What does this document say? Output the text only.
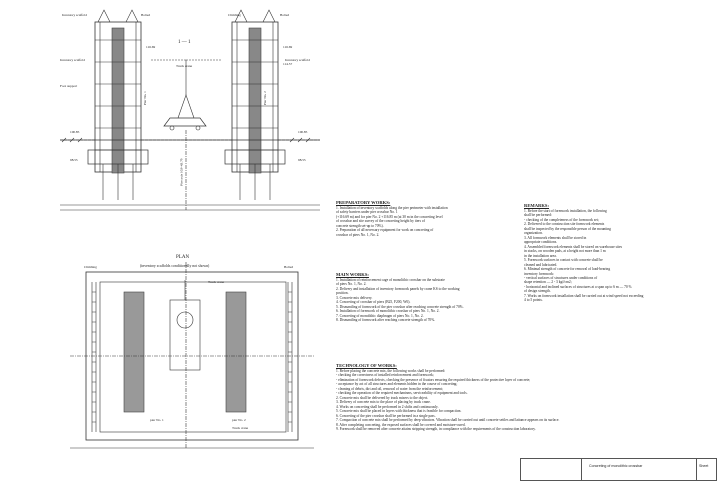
1 — 1
Inventory scaffold	Bolted	Climbing	Bolted
116.69	116.69
114.57
Truck crane
Inventory scaffold
Foot support
Inventory scaffold
Pier No. 1	Pier No. 2
Pier axis 103+43.79
100.85	100.85
98.55	98.55
PLAN
(inventory scaffolds conditionally not shown)
Climbing	Bolted
Truck crane
pier No. 1	pier No. 2
Truck crane
PREPARATORY WORKS:
1. Installation of inventory scaffolds along the pier perimeter with installation
of safety barriers under pier crossbar No. 1
(+116.69 m) and for pier No. 2 +116.85 m (at 30 m in the concreting level
of crossbar and site survey of the concreting height by tiers of
concrete strength set-up to 70%).
2. Preparation of all necessary equipment for work on concreting of
crossbar of piers No. 1, No. 2.
MAIN WORKS:
1. Installation of reinforcement cage of monolithic crossbar on the substrate
of piers No. 1, No. 2.
2. Delivery and installation of inventory formwork panels by crane KS to the working
position.
3. Concrete mix delivery.
4. Concreting of crossbar of piers (B25, F200, W6).
5. Dismantling of formwork of the pier crossbar after reaching concrete strength of 70%.
6. Installation of formwork of monolithic crossbar of piers No. 1, No. 2.
7. Concreting of monolithic diaphragm of piers No. 1, No. 2.
8. Dismantling of formwork after reaching concrete strength of 70%.
TECHNOLOGY OF WORKS:
1. Before placing the concrete mix, the following works shall be performed:
- checking the correctness of installed reinforcement and formwork;
- elimination of formwork defects, checking the presence of fixators ensuring the required thickness of the protective layer of concrete;
- acceptance by act of all structures and elements hidden in the course of concreting;
- cleaning of debris, dirt and oil, removal of water from the reinforcement;
- checking the operation of the required mechanisms, serviceability of equipment and tools.
2. Concrete mix shall be delivered by truck mixers to the object.
3. Delivery of concrete mix to the place of placing by truck crane.
4. Works on concreting shall be performed in 2 shifts and continuously.
5. Concrete mix shall be placed in layers with thickness that is feasible for compaction.
6. Concreting of the pier crossbar shall be performed in a single pass.
7. Compaction of concrete mix shall be performed by deep vibrators. Vibration shall be carried out until concrete settles and laitance appears on its surface.
8. After completing concreting, the exposed surfaces shall be covered and moisture-cured.
9. Formwork shall be removed after concrete attains stripping strength, in compliance with the requirements of the construction laboratory.
REMARKS:
1. Before the start of formwork installation, the following
shall be performed:
- checking of the completeness of the formwork set;
2. Delivered to the construction site formwork elements
shall be inspected by the responsible person of the mounting
organization.
3. All formwork elements shall be stored in
appropriate conditions.
4. Assembled formwork elements shall be stored on warehouse sites
in stacks, on wooden pads, at a height not more than 1 m
in the installation area.
5. Formwork surfaces in contact with concrete shall be
cleaned and lubricated.
6. Minimal strength of concrete for removal of load-bearing
inventory formwork:
- vertical surfaces of structures under conditions of
shape retention — 2 - 3 kgf/cm2;
- horizontal and inclined surfaces of structures at a span up to 6 m — 70 %
of design strength.
7. Works on formwork installation shall be carried out at wind speed not exceeding
4 to 5 points.
Concreting of monolithic crossbar	Sheet
